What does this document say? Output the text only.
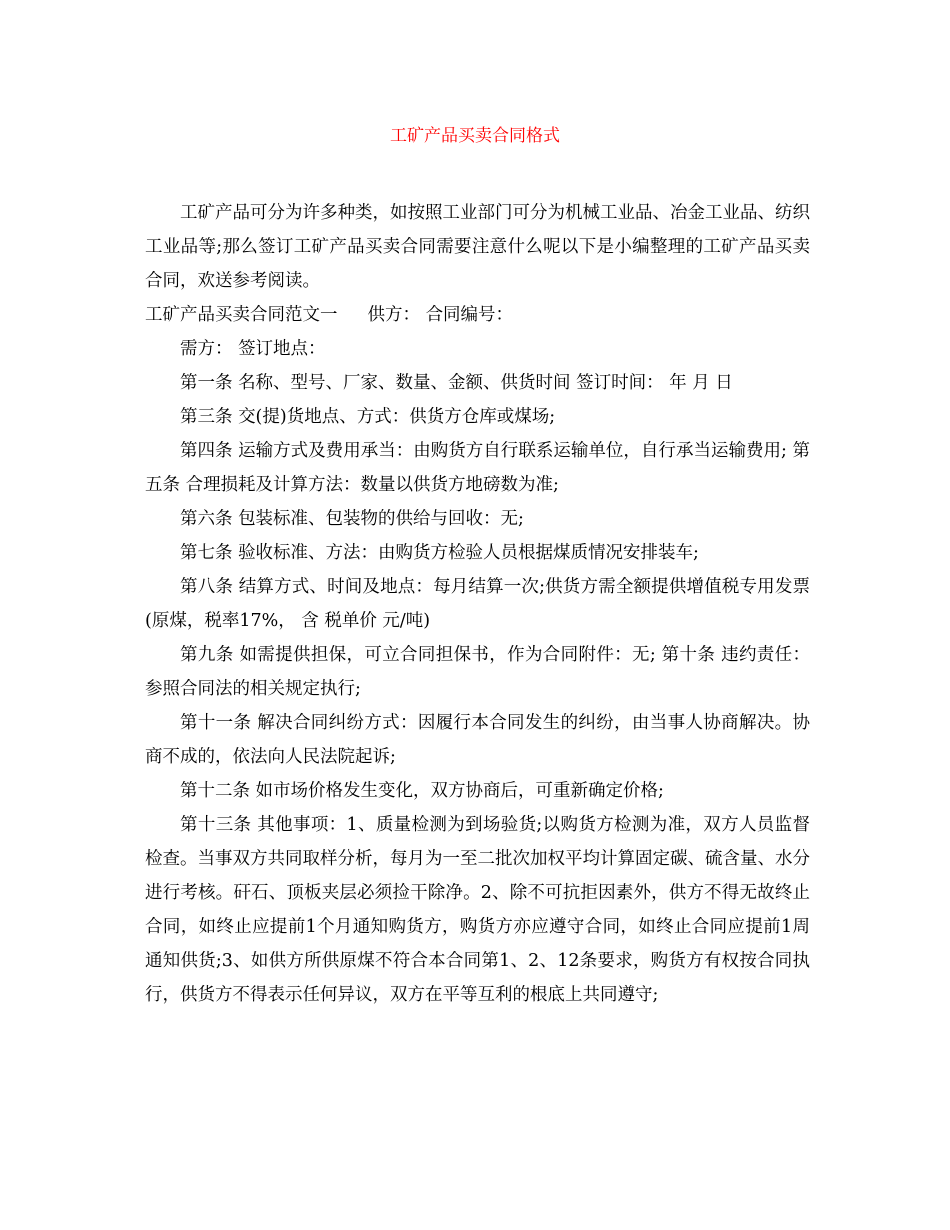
工矿产品买卖合同格式

工矿产品可分为许多种类，如按照工业部门可分为机械工业品、冶金工业品、纺织工业品等;那么签订工矿产品买卖合同需要注意什么呢以下是小编整理的工矿产品买卖合同，欢送参考阅读。

工矿产品买卖合同范文一 供方： 合同编号：

需方： 签订地点：

第一条 名称、型号、厂家、数量、金额、供货时间 签订时间： 年 月 日

第三条 交(提)货地点、方式：供货方仓库或煤场;

第四条 运输方式及费用承当：由购货方自行联系运输单位，自行承当运输费用; 第五条 合理损耗及计算方法：数量以供货方地磅数为准;

第六条 包装标准、包装物的供给与回收：无;

第七条 验收标准、方法：由购货方检验人员根据煤质情况安排装车;

第八条 结算方式、时间及地点：每月结算一次;供货方需全额提供增值税专用发票(原煤，税率17%， 含 税单价 元/吨)

第九条 如需提供担保，可立合同担保书，作为合同附件：无; 第十条 违约责任：参照合同法的相关规定执行;

第十一条 解决合同纠纷方式：因履行本合同发生的纠纷，由当事人协商解决。协商不成的，依法向人民法院起诉;

第十二条 如市场价格发生变化，双方协商后，可重新确定价格;

第十三条 其他事项：1、质量检测为到场验货;以购货方检测为准，双方人员监督检查。当事双方共同取样分析，每月为一至二批次加权平均计算固定碳、硫含量、水分进行考核。矸石、顶板夹层必须捡干除净。2、除不可抗拒因素外，供方不得无故终止合同，如终止应提前1个月通知购货方，购货方亦应遵守合同，如终止合同应提前1周通知供货;3、如供方所供原煤不符合本合同第1、2、12条要求，购货方有权按合同执行，供货方不得表示任何异议，双方在平等互利的根底上共同遵守;
